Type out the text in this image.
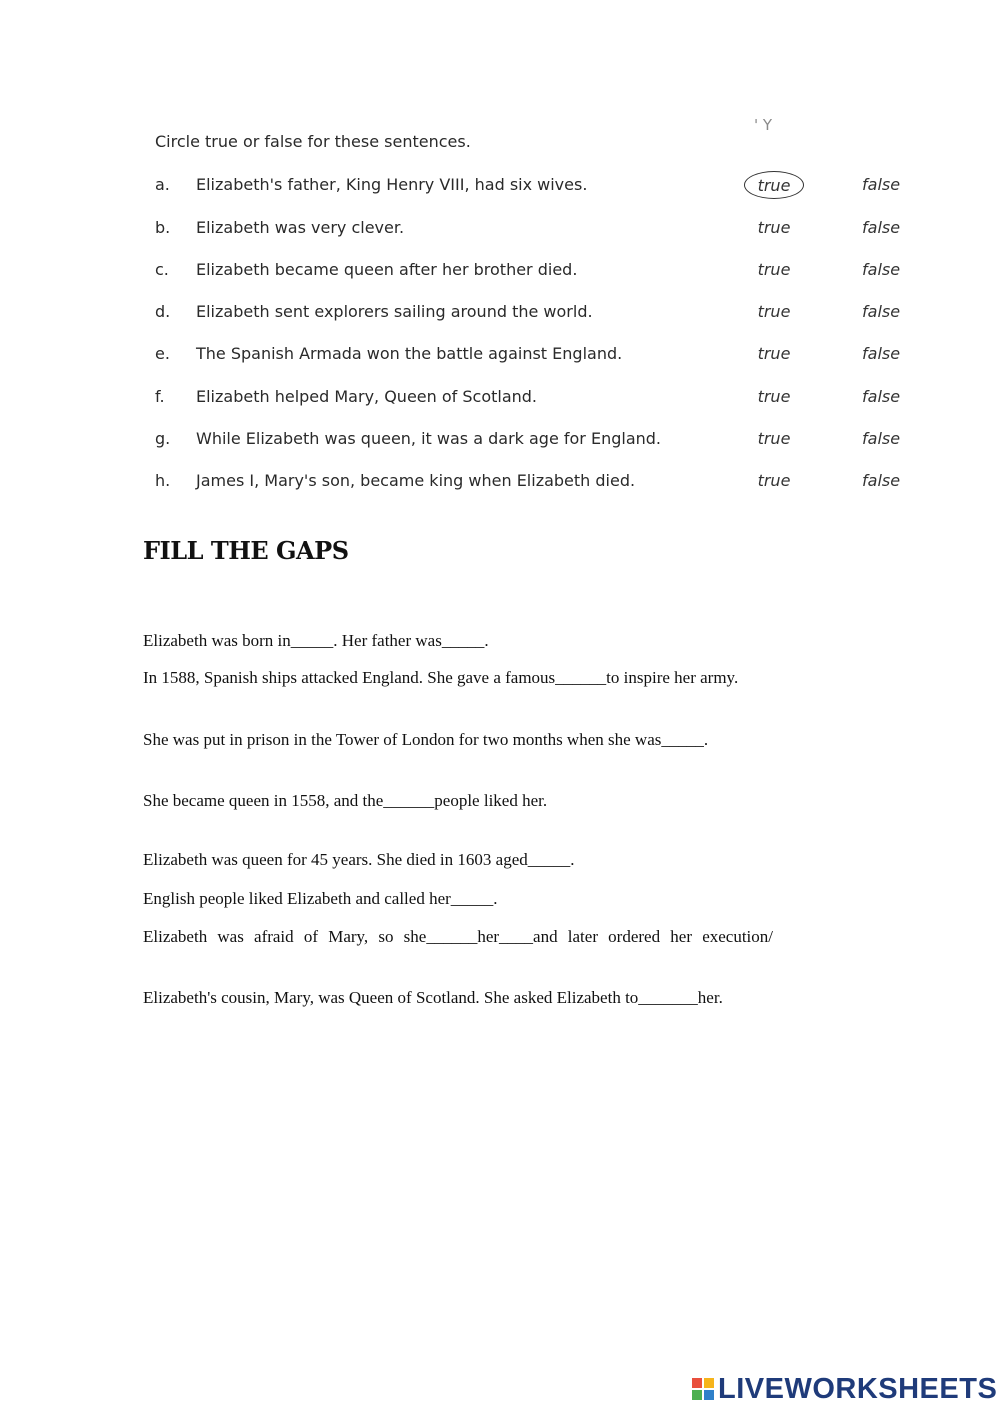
' Y
Circle true or false for these sentences.
a. Elizabeth's father, King Henry VIII, had six wives.	true	false
b. Elizabeth was very clever.	true	false
c. Elizabeth became queen after her brother died.	true	false
d. Elizabeth sent explorers sailing around the world.	true	false
e. The Spanish Armada won the battle against England.	true	false
f. Elizabeth helped Mary, Queen of Scotland.	true	false
g. While Elizabeth was queen, it was a dark age for England.	true	false
h. James I, Mary's son, became king when Elizabeth died.	true	false
FILL THE GAPS
Elizabeth was born in_____. Her father was_____.
In 1588, Spanish ships attacked England. She gave a famous______to inspire her army.
She was put in prison in the Tower of London for two months when she was_____.
She became queen in 1558, and the______people liked her.
Elizabeth was queen for 45 years. She died in 1603 aged_____.
English people liked Elizabeth and called her_____.
Elizabeth was afraid of Mary, so she______her____and later ordered her execution/
Elizabeth's cousin, Mary, was Queen of Scotland. She asked Elizabeth to_______her.
LIVEWORKSHEETS
